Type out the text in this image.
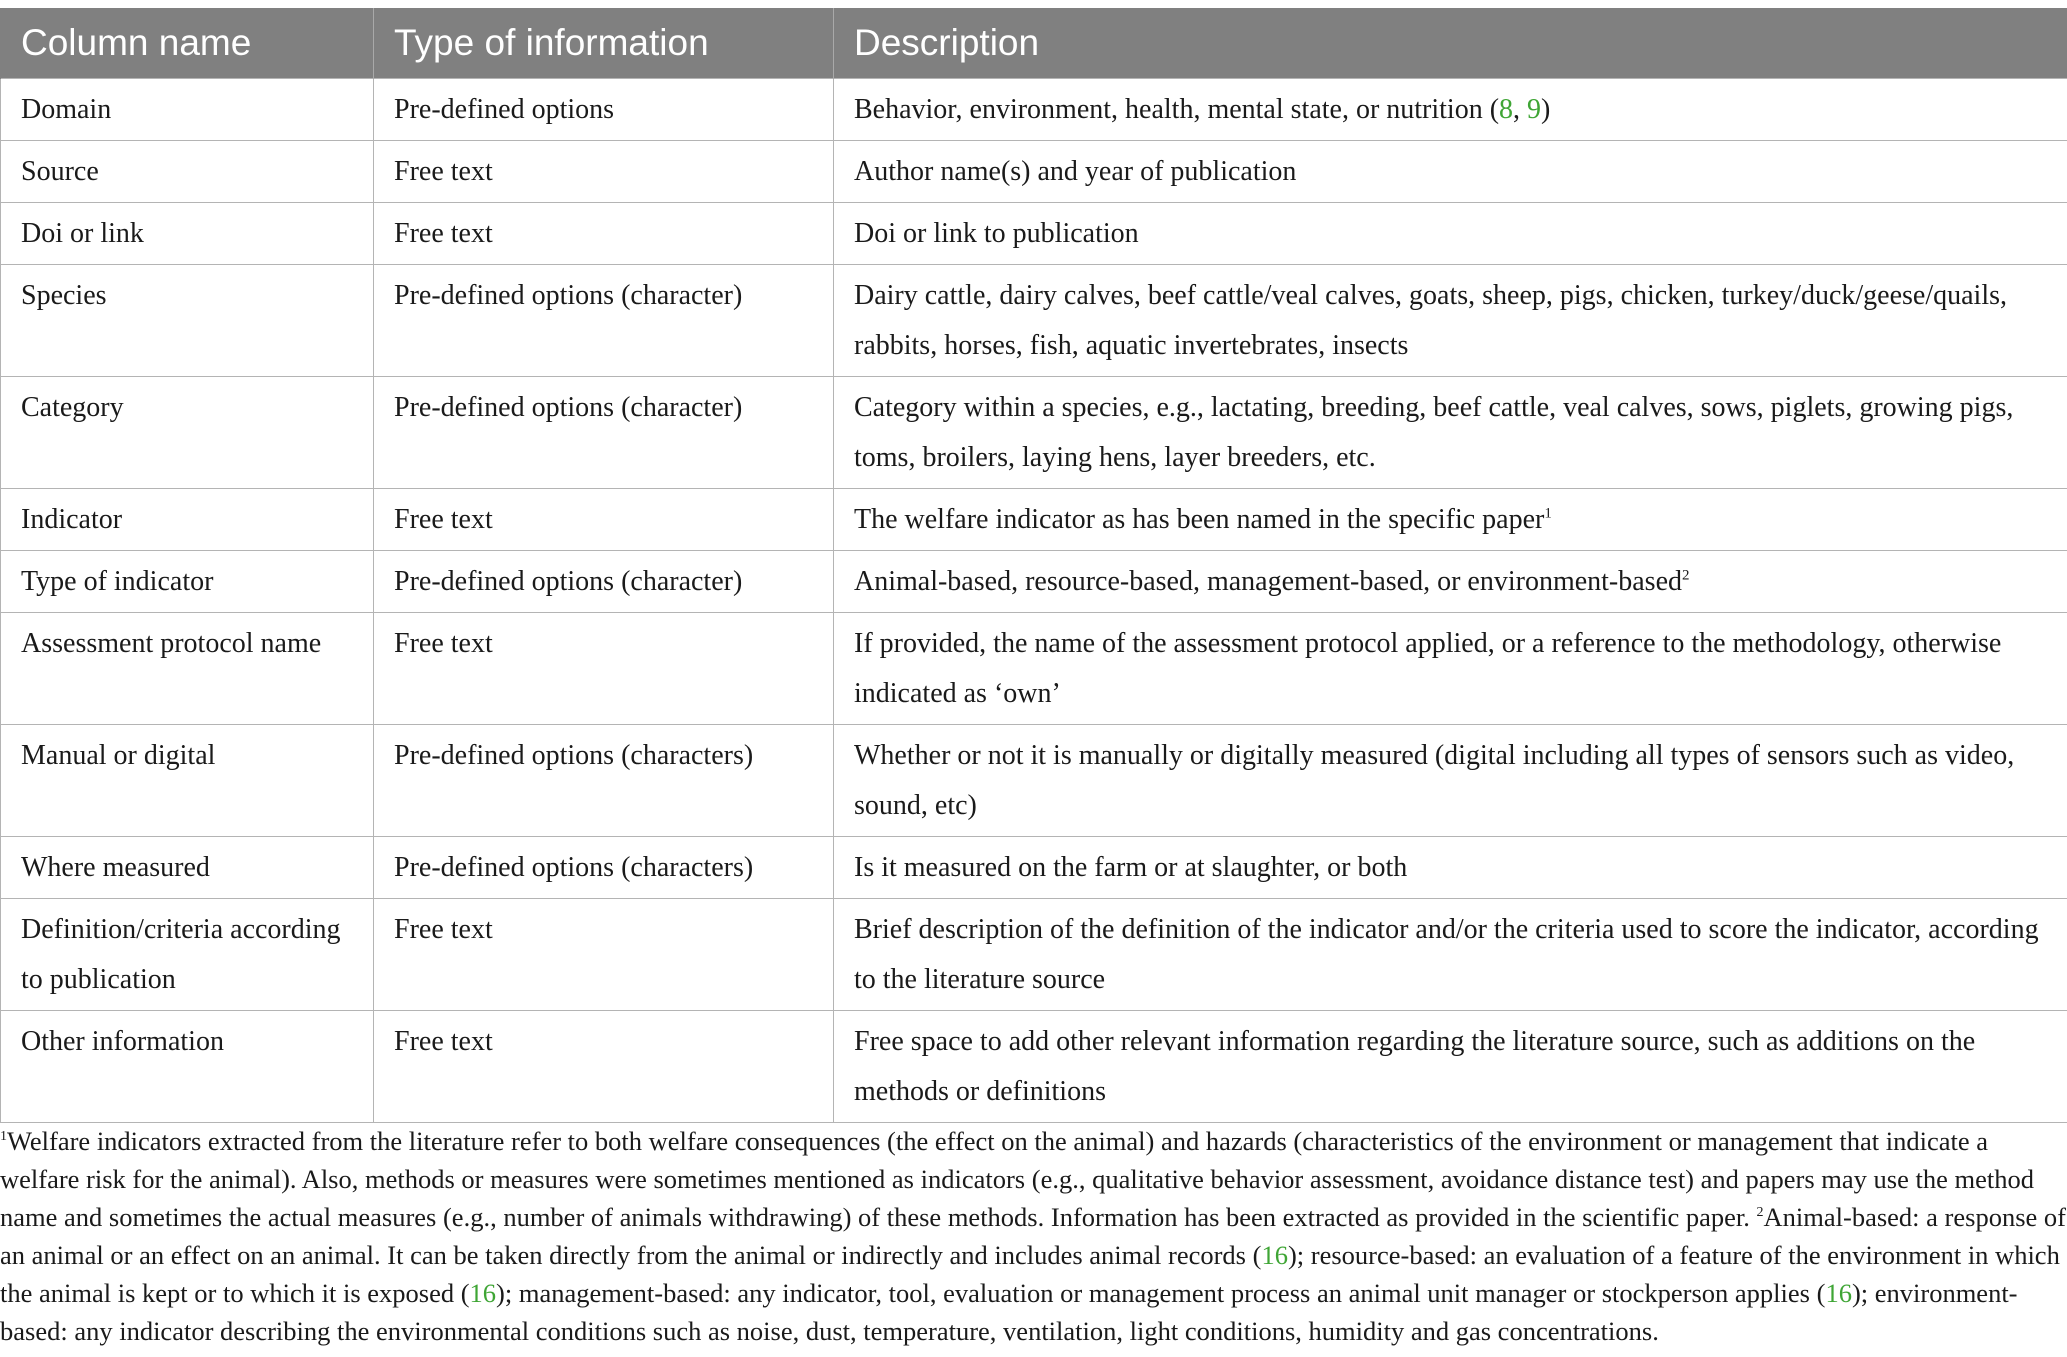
Column name	Type of information	Description
Domain	Pre-defined options	Behavior, environment, health, mental state, or nutrition (8, 9)
Source	Free text	Author name(s) and year of publication
Doi or link	Free text	Doi or link to publication
Species	Pre-defined options (character)	Dairy cattle, dairy calves, beef cattle/veal calves, goats, sheep, pigs, chicken, turkey/duck/geese/quails, rabbits, horses, fish, aquatic invertebrates, insects
Category	Pre-defined options (character)	Category within a species, e.g., lactating, breeding, beef cattle, veal calves, sows, piglets, growing pigs, toms, broilers, laying hens, layer breeders, etc.
Indicator	Free text	The welfare indicator as has been named in the specific paper$^1$
Type of indicator	Pre-defined options (character)	Animal-based, resource-based, management-based, or environment-based$^2$
Assessment protocol name	Free text	If provided, the name of the assessment protocol applied, or a reference to the methodology, otherwise indicated as ‘own’
Manual or digital	Pre-defined options (characters)	Whether or not it is manually or digitally measured (digital including all types of sensors such as video, sound, etc)
Where measured	Pre-defined options (characters)	Is it measured on the farm or at slaughter, or both
Definition/criteria according to publication	Free text	Brief description of the definition of the indicator and/or the criteria used to score the indicator, according to the literature source
Other information	Free text	Free space to add other relevant information regarding the literature source, such as additions on the methods or definitions

$^1$Welfare indicators extracted from the literature refer to both welfare consequences (the effect on the animal) and hazards (characteristics of the environment or management that indicate a welfare risk for the animal). Also, methods or measures were sometimes mentioned as indicators (e.g., qualitative behavior assessment, avoidance distance test) and papers may use the method name and sometimes the actual measures (e.g., number of animals withdrawing) of these methods. Information has been extracted as provided in the scientific paper. $^2$Animal-based: a response of an animal or an effect on an animal. It can be taken directly from the animal or indirectly and includes animal records (16); resource-based: an evaluation of a feature of the environment in which the animal is kept or to which it is exposed (16); management-based: any indicator, tool, evaluation or management process an animal unit manager or stockperson applies (16); environment-based: any indicator describing the environmental conditions such as noise, dust, temperature, ventilation, light conditions, humidity and gas concentrations.
